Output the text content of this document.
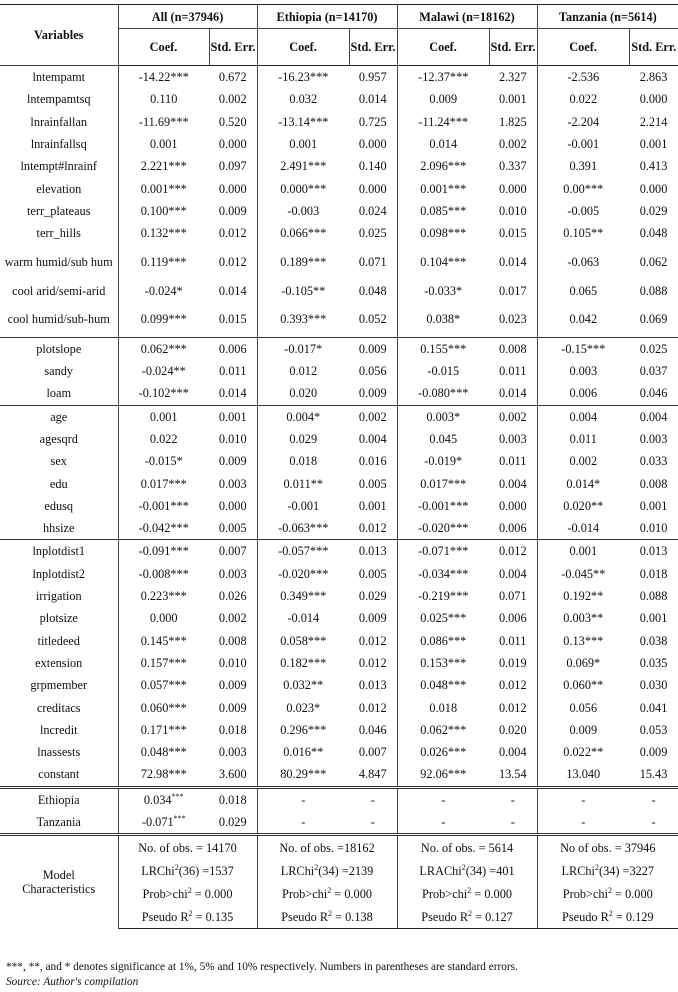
Variables	All (n=37946)		Ethiopia (n=14170)		Malawi (n=18162)		Tanzania (n=5614)	
	Coef.	Std. Err.	Coef.	Std. Err.	Coef.	Std. Err.	Coef.	Std. Err.
lntempamt	-14.22***	0.672	-16.23***	0.957	-12.37***	2.327	-2.536	2.863
lntempamtsq	0.110	0.002	0.032	0.014	0.009	0.001	0.022	0.000
lnrainfallan	-11.69***	0.520	-13.14***	0.725	-11.24***	1.825	-2.204	2.214
lnrainfallsq	0.001	0.000	0.001	0.000	0.014	0.002	-0.001	0.001
lntempt#lnrainf	2.221***	0.097	2.491***	0.140	2.096***	0.337	0.391	0.413
elevation	0.001***	0.000	0.000***	0.000	0.001***	0.000	0.00***	0.000
terr_plateaus	0.100***	0.009	-0.003	0.024	0.085***	0.010	-0.005	0.029
terr_hills	0.132***	0.012	0.066***	0.025	0.098***	0.015	0.105**	0.048
warm humid/sub hum	0.119***	0.012	0.189***	0.071	0.104***	0.014	-0.063	0.062
cool arid/semi-arid	-0.024*	0.014	-0.105**	0.048	-0.033*	0.017	0.065	0.088
cool humid/sub-hum	0.099***	0.015	0.393***	0.052	0.038*	0.023	0.042	0.069
plotslope	0.062***	0.006	-0.017*	0.009	0.155***	0.008	-0.15***	0.025
sandy	-0.024**	0.011	0.012	0.056	-0.015	0.011	0.003	0.037
loam	-0.102***	0.014	0.020	0.009	-0.080***	0.014	0.006	0.046
age	0.001	0.001	0.004*	0.002	0.003*	0.002	0.004	0.004
agesqrd	0.022	0.010	0.029	0.004	0.045	0.003	0.011	0.003
sex	-0.015*	0.009	0.018	0.016	-0.019*	0.011	0.002	0.033
edu	0.017***	0.003	0.011**	0.005	0.017***	0.004	0.014*	0.008
edusq	-0.001***	0.000	-0.001	0.001	-0.001***	0.000	0.020**	0.001
hhsize	-0.042***	0.005	-0.063***	0.012	-0.020***	0.006	-0.014	0.010
lnplotdist1	-0.091***	0.007	-0.057***	0.013	-0.071***	0.012	0.001	0.013
lnplotdist2	-0.008***	0.003	-0.020***	0.005	-0.034***	0.004	-0.045**	0.018
irrigation	0.223***	0.026	0.349***	0.029	-0.219***	0.071	0.192**	0.088
plotsize	0.000	0.002	-0.014	0.009	0.025***	0.006	0.003**	0.001
titledeed	0.145***	0.008	0.058***	0.012	0.086***	0.011	0.13***	0.038
extension	0.157***	0.010	0.182***	0.012	0.153***	0.019	0.069*	0.035
grpmember	0.057***	0.009	0.032**	0.013	0.048***	0.012	0.060**	0.030
creditacs	0.060***	0.009	0.023*	0.012	0.018	0.012	0.056	0.041
lncredit	0.171***	0.018	0.296***	0.046	0.062***	0.020	0.009	0.053
lnassests	0.048***	0.003	0.016**	0.007	0.026***	0.004	0.022**	0.009
constant	72.98***	3.600	80.29***	4.847	92.06***	13.54	13.040	15.43
Ethiopia	0.034***	0.018	-	-	-	-	-	-
Tanzania	-0.071***	0.029	-	-	-	-	-	-
Model Characteristics	No. of obs. = 14170		No. of obs. =18162		No. of obs. = 5614		No of obs. = 37946	
	LRChi$^2$(36) =1537		LRChi$^2$(34) =2139		LRAChi$^2$(34) =401		LRChi$^2$(34) =3227	
	Prob>chi$^2$ = 0.000		Prob>chi$^2$ = 0.000		Prob>chi$^2$ = 0.000		Prob>chi$^2$ = 0.000	
	Pseudo $R^2 = 0.135$		Pseudo $R^2 = 0.138$		Pseudo $R^2 = 0.127$		Pseudo $R^2 = 0.129$	
***, **, and * denotes significance at 1%, 5% and 10% respectively. Numbers in parentheses are standard errors.
Source: Author's compilation
